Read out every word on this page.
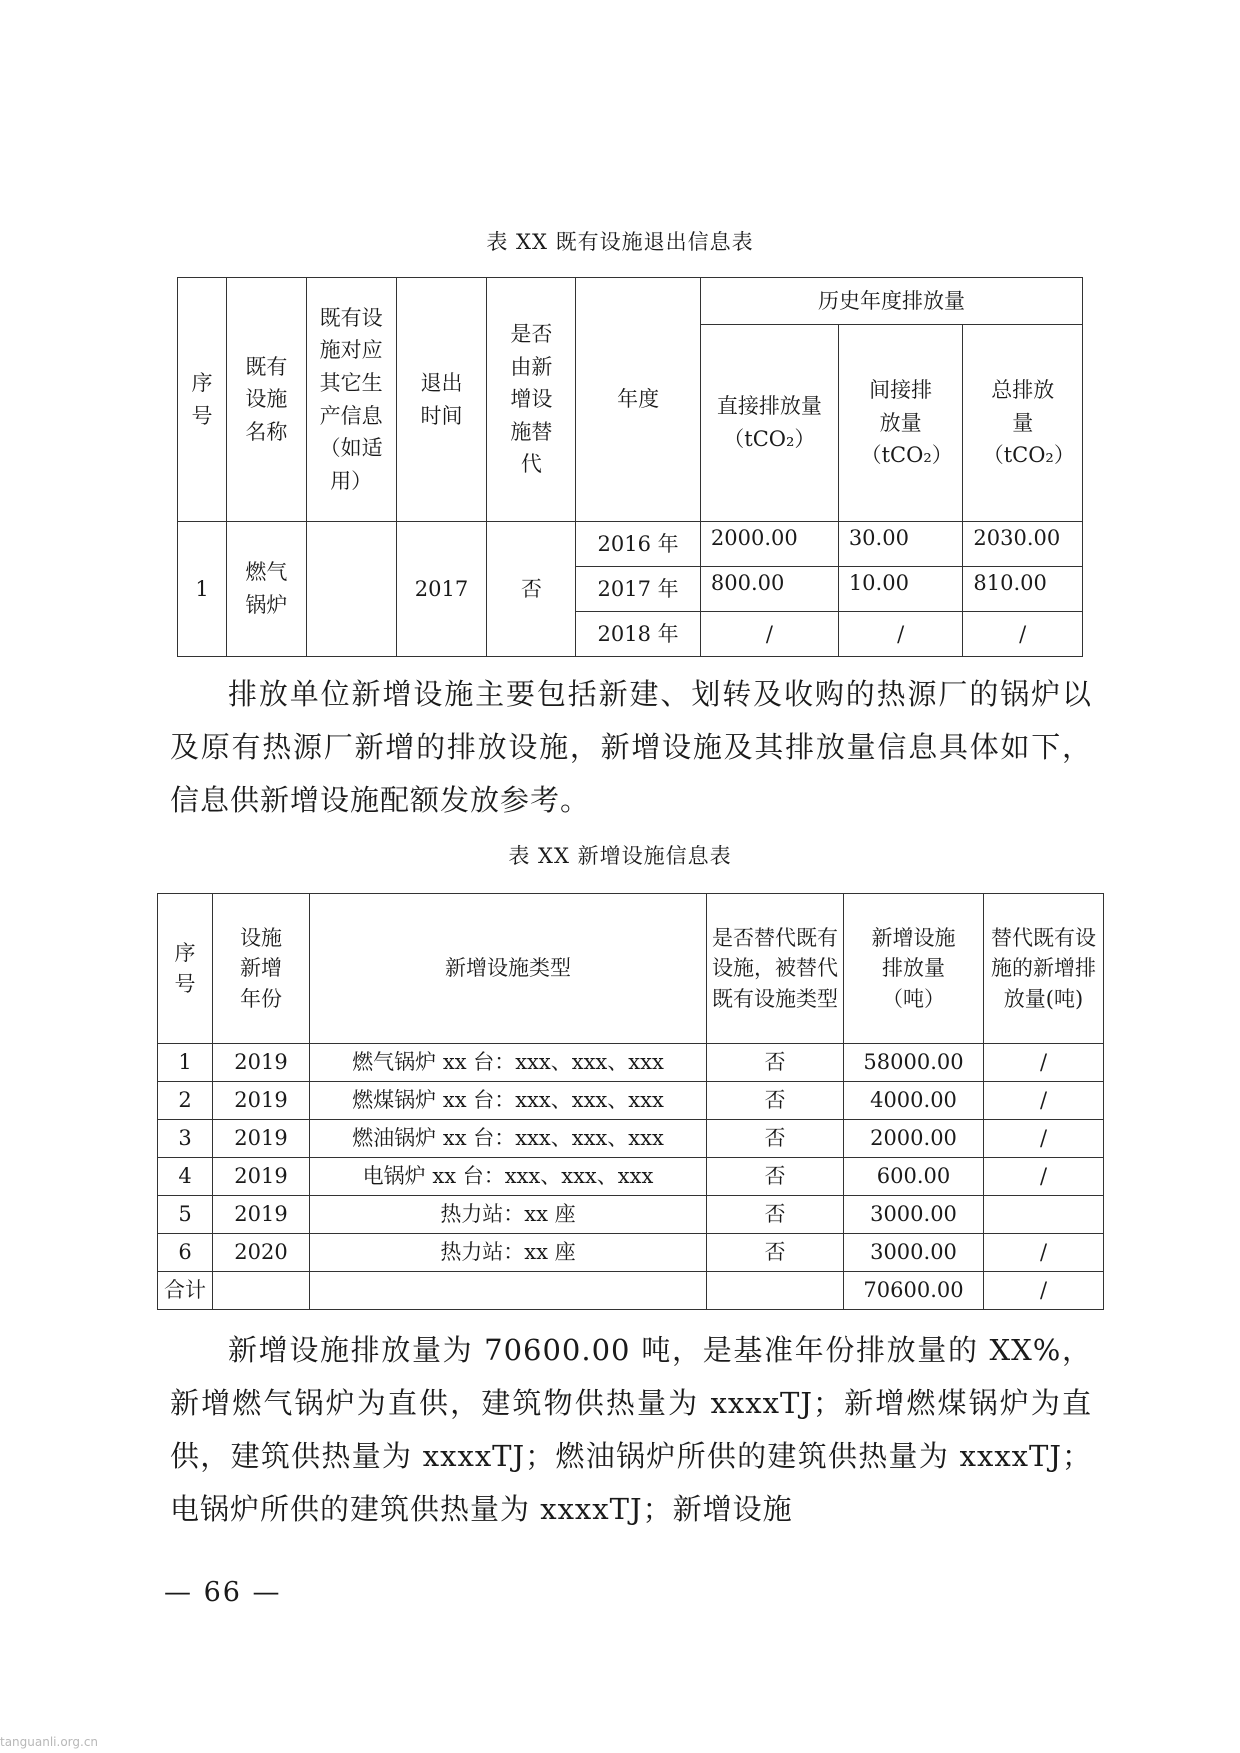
表 XX 既有设施退出信息表
序号	既有设施名称	既有设施对应其它生产信息（如适用）	退出时间	是否由新增设施替代	年度	历史年度排放量		
						直接排放量（tCO₂）	间接排放量（tCO₂）	总排放量（tCO₂）
1	燃气锅炉		2017	否	2016 年	2000.00	30.00	2030.00
					2017 年	800.00	10.00	810.00
					2018 年	/	/	/
排放单位新增设施主要包括新建、划转及收购的热源厂的锅炉以及原有热源厂新增的排放设施，新增设施及其排放量信息具体如下，信息供新增设施配额发放参考。
表 XX 新增设施信息表
序号	设施新增年份	新增设施类型	是否替代既有设施，被替代既有设施类型	新增设施排放量（吨）	替代既有设施的新增排放量(吨)
1	2019	燃气锅炉 xx 台：xxx、xxx、xxx	否	58000.00	/
2	2019	燃煤锅炉 xx 台：xxx、xxx、xxx	否	4000.00	/
3	2019	燃油锅炉 xx 台：xxx、xxx、xxx	否	2000.00	/
4	2019	电锅炉 xx 台：xxx、xxx、xxx	否	600.00	/
5	2019	热力站：xx 座	否	3000.00	
6	2020	热力站：xx 座	否	3000.00	/
合计				70600.00	/
新增设施排放量为 70600.00 吨，是基准年份排放量的 XX%，新增燃气锅炉为直供，建筑物供热量为 xxxxTJ；新增燃煤锅炉为直供，建筑供热量为 xxxxTJ；燃油锅炉所供的建筑供热量为 xxxxTJ；电锅炉所供的建筑供热量为 xxxxTJ；新增设施
— 66 —
tanguanli.org.cn
